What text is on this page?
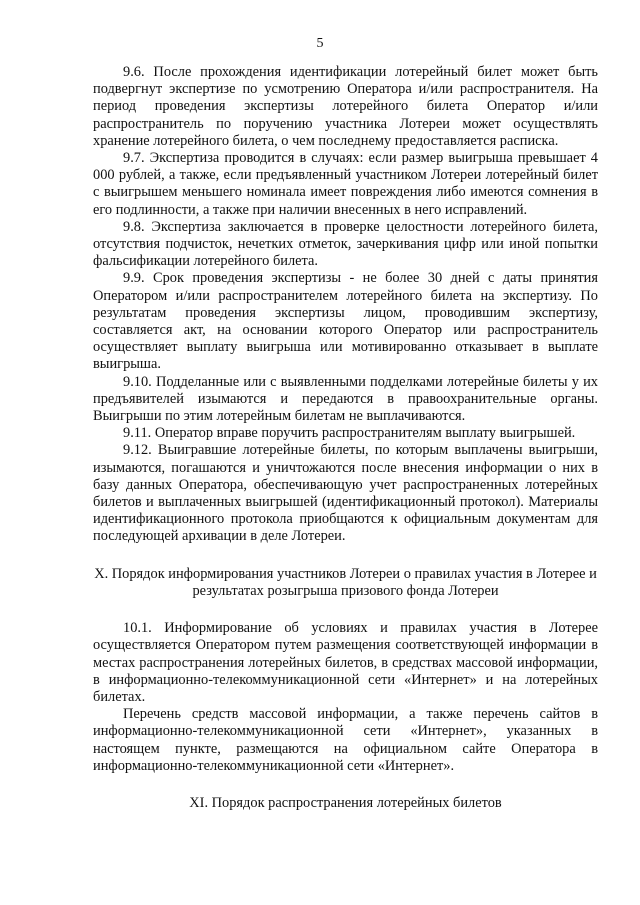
5

9.6. После прохождения идентификации лотерейный билет может быть подвергнут экспертизе по усмотрению Оператора и/или распространителя. На период проведения экспертизы лотерейного билета Оператор и/или распространитель по поручению участника Лотереи может осуществлять хранение лотерейного билета, о чем последнему предоставляется расписка.

9.7. Экспертиза проводится в случаях: если размер выигрыша превышает 4 000 рублей, а также, если предъявленный участником Лотереи лотерейный билет с выигрышем меньшего номинала имеет повреждения либо имеются сомнения в его подлинности, а также при наличии внесенных в него исправлений.

9.8. Экспертиза заключается в проверке целостности лотерейного билета, отсутствия подчисток, нечетких отметок, зачеркивания цифр или иной попытки фальсификации лотерейного билета.

9.9. Срок проведения экспертизы - не более 30 дней с даты принятия Оператором и/или распространителем лотерейного билета на экспертизу. По результатам проведения экспертизы лицом, проводившим экспертизу, составляется акт, на основании которого Оператор или распространитель осуществляет выплату выигрыша или мотивированно отказывает в выплате выигрыша.

9.10. Подделанные или с выявленными подделками лотерейные билеты у их предъявителей изымаются и передаются в правоохранительные органы. Выигрыши по этим лотерейным билетам не выплачиваются.

9.11. Оператор вправе поручить распространителям выплату выигрышей.

9.12. Выигравшие лотерейные билеты, по которым выплачены выигрыши, изымаются, погашаются и уничтожаются после внесения информации о них в базу данных Оператора, обеспечивающую учет распространенных лотерейных билетов и выплаченных выигрышей (идентификационный протокол). Материалы идентификационного протокола приобщаются к официальным документам для последующей архивации в деле Лотереи.

X. Порядок информирования участников Лотереи о правилах участия в Лотерее и результатах розыгрыша призового фонда Лотереи

10.1. Информирование об условиях и правилах участия в Лотерее осуществляется Оператором путем размещения соответствующей информации в местах распространения лотерейных билетов, в средствах массовой информации, в информационно-телекоммуникационной сети «Интернет» и на лотерейных билетах.

Перечень средств массовой информации, а также перечень сайтов в информационно-телекоммуникационной сети «Интернет», указанных в настоящем пункте, размещаются на официальном сайте Оператора в информационно-телекоммуникационной сети «Интернет».

XI. Порядок распространения лотерейных билетов
